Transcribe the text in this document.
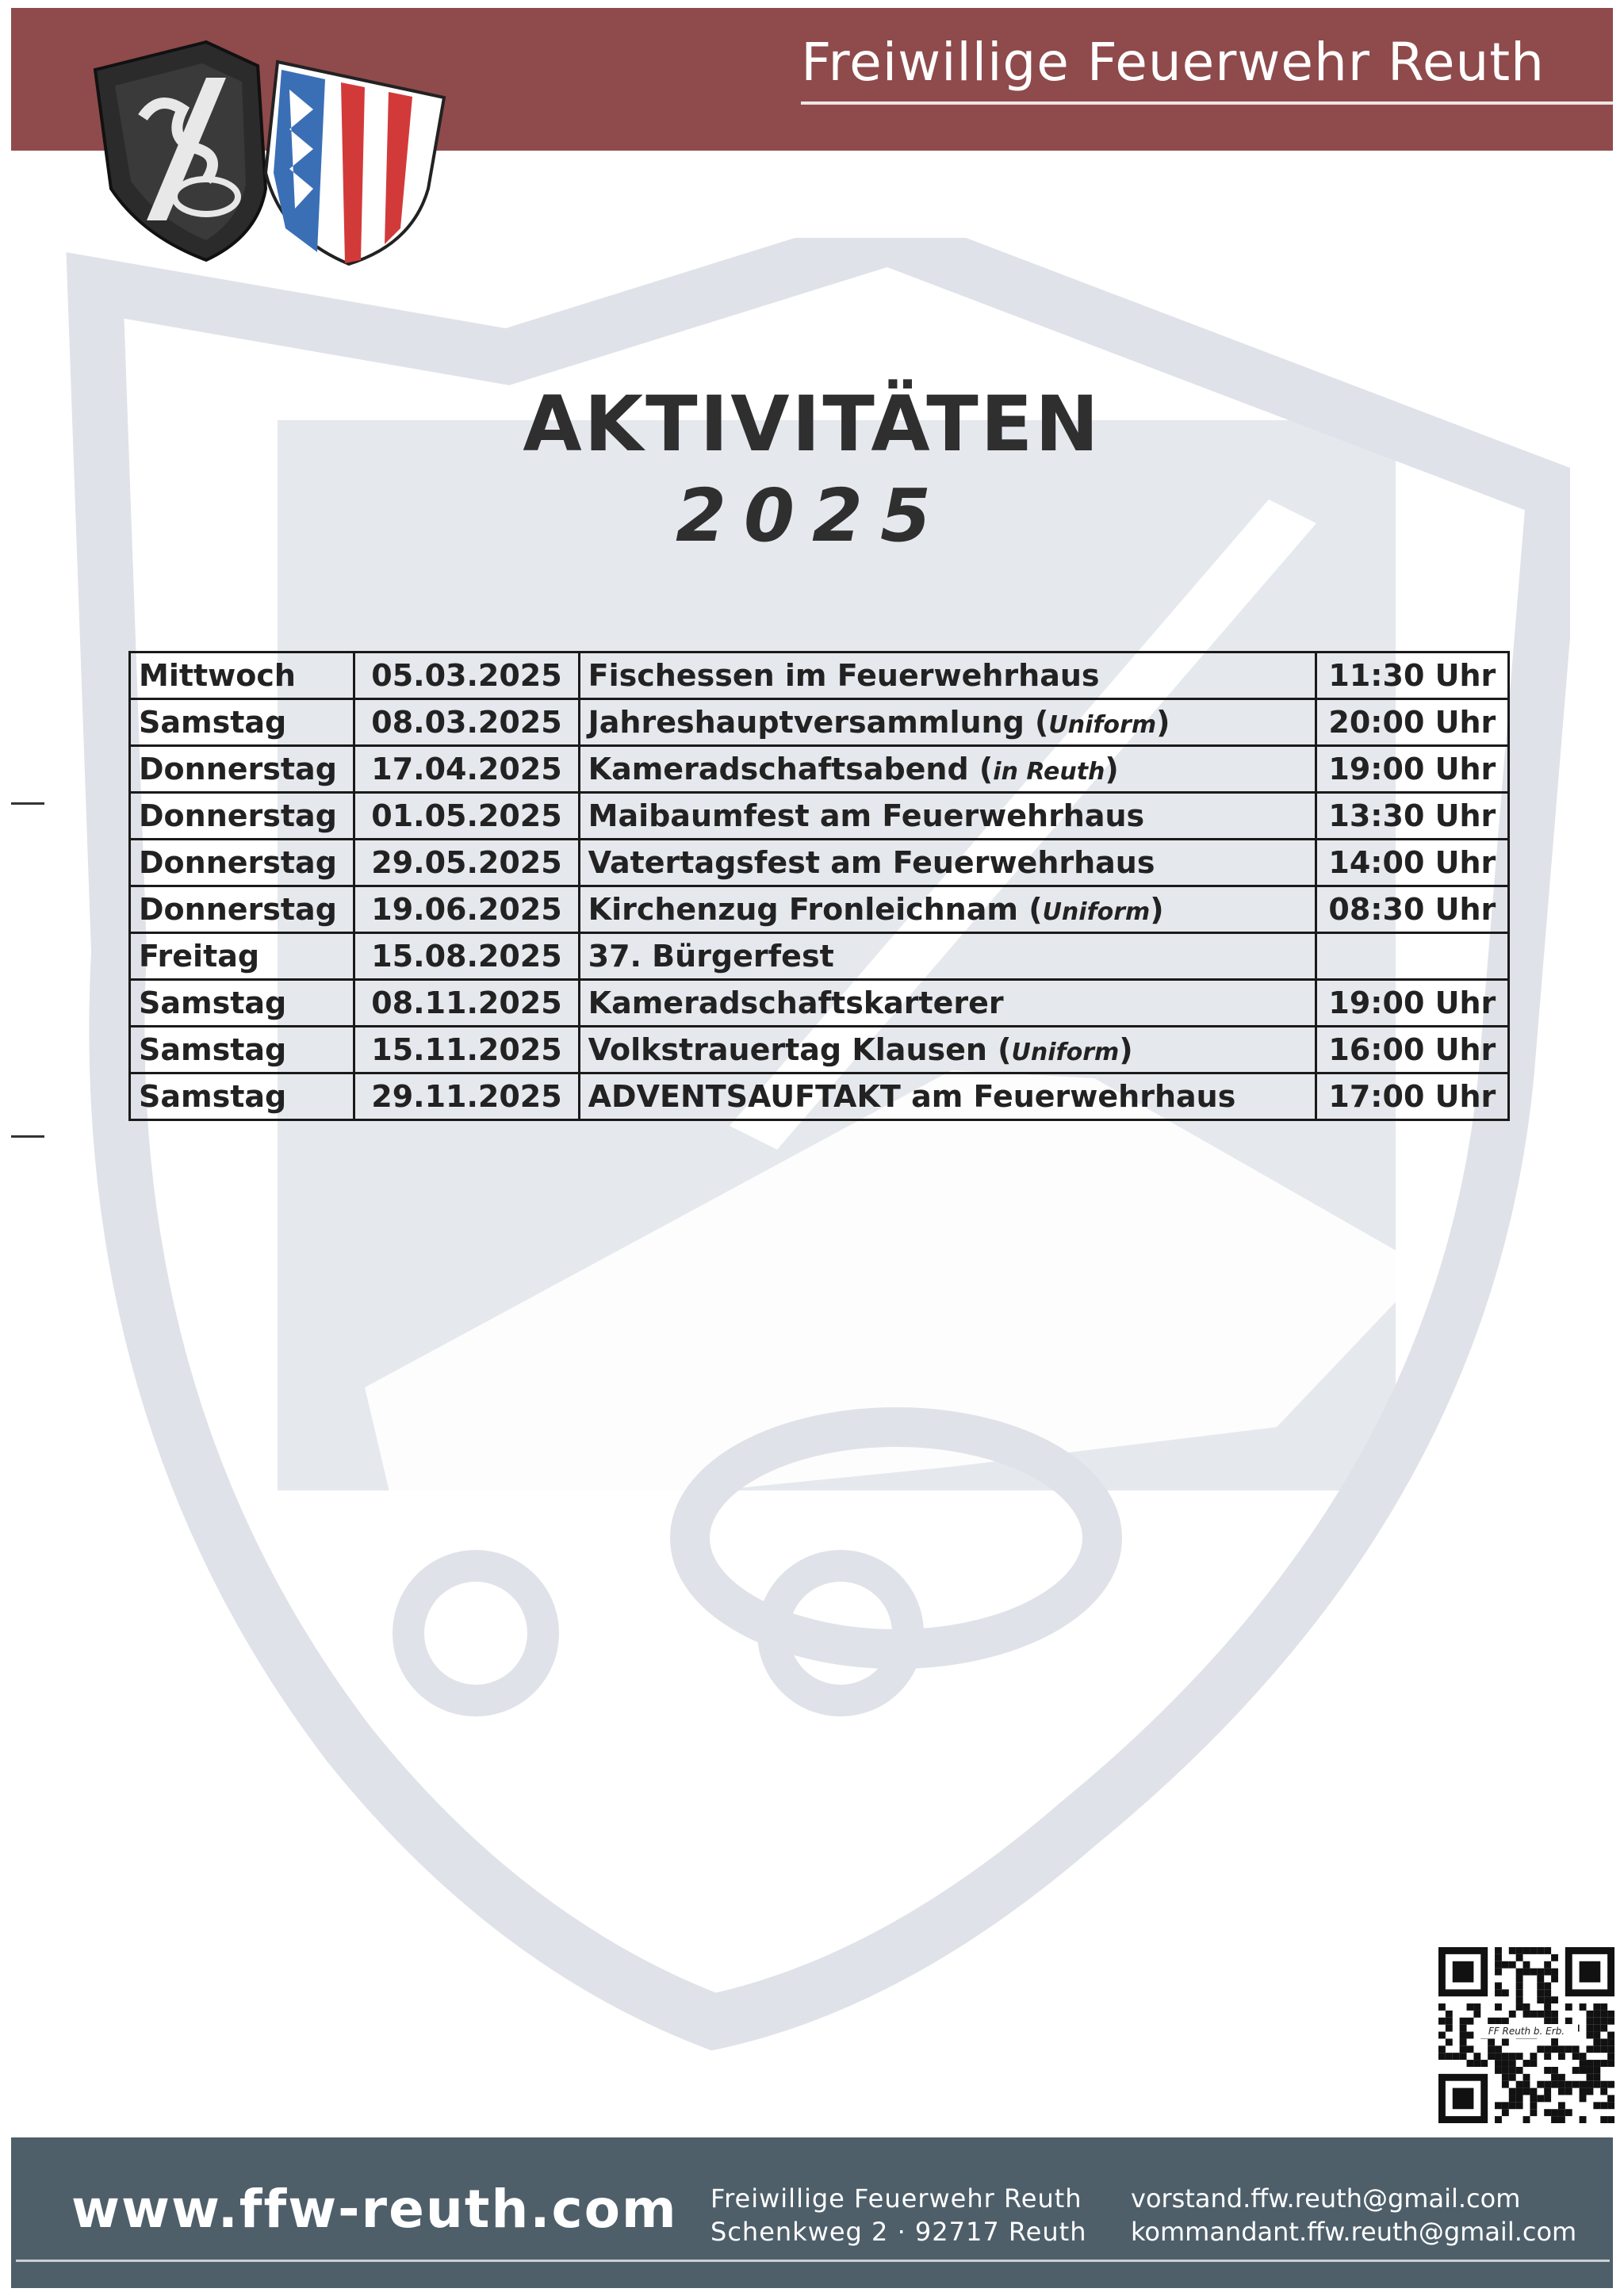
Freiwillige Feuerwehr Reuth
AKTIVITÄTEN
2025
Mittwoch	05.03.2025	Fischessen im Feuerwehrhaus	11:30 Uhr
Samstag	08.03.2025	Jahreshauptversammlung (Uniform)	20:00 Uhr
Donnerstag	17.04.2025	Kameradschaftsabend (in Reuth)	19:00 Uhr
Donnerstag	01.05.2025	Maibaumfest am Feuerwehrhaus	13:30 Uhr
Donnerstag	29.05.2025	Vatertagsfest am Feuerwehrhaus	14:00 Uhr
Donnerstag	19.06.2025	Kirchenzug Fronleichnam (Uniform)	08:30 Uhr
Freitag	15.08.2025	37. Bürgerfest	
Samstag	08.11.2025	Kameradschaftskarterer	19:00 Uhr
Samstag	15.11.2025	Volkstrauertag Klausen (Uniform)	16:00 Uhr
Samstag	29.11.2025	ADVENTSAUFTAKT am Feuerwehrhaus	17:00 Uhr
FF Reuth b. Erb.
www.ffw-reuth.com Freiwillige Feuerwehr Reuth
Schenkweg 2 · 92717 Reuth
vorstand.ffw.reuth@gmail.com
kommandant.ffw.reuth@gmail.com
